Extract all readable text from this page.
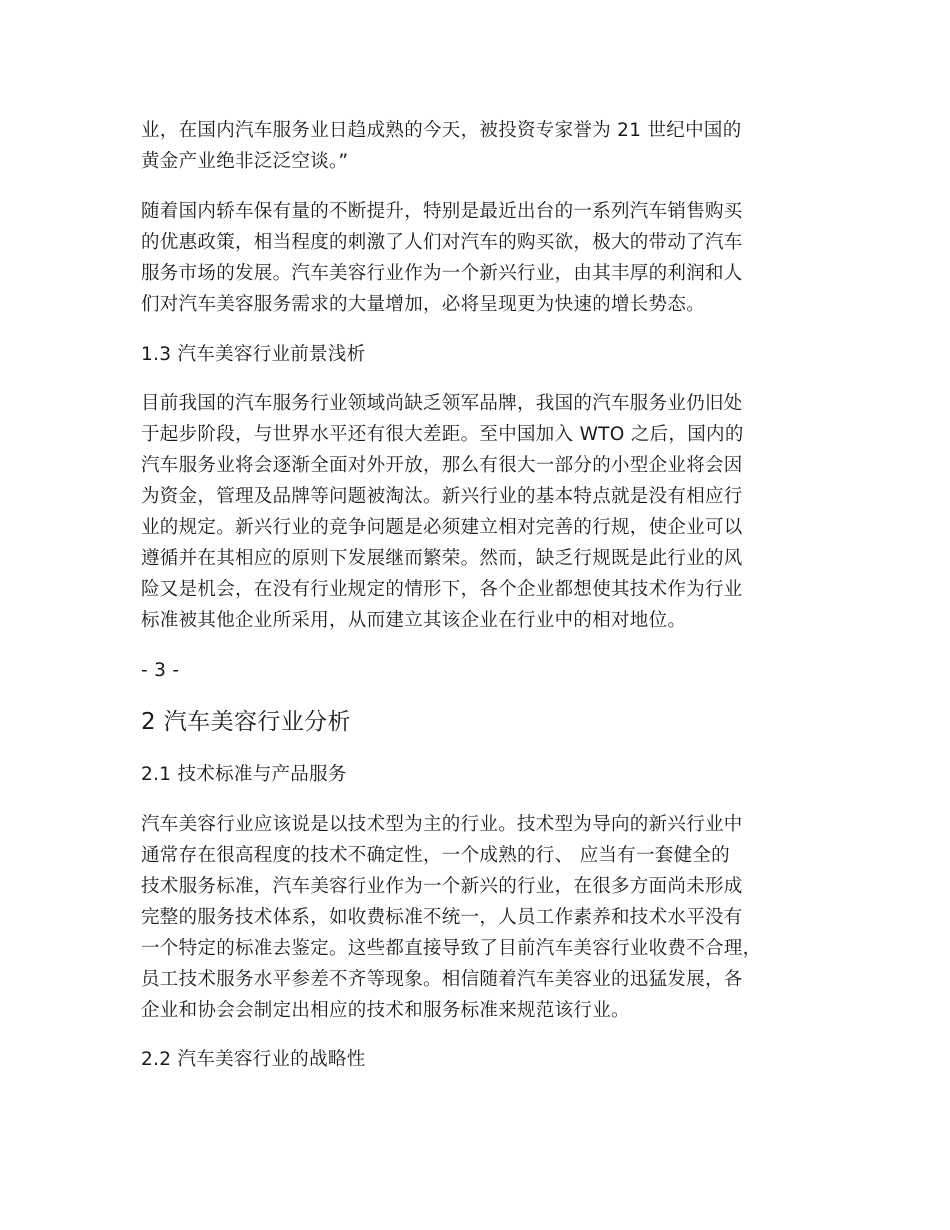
业，在国内汽车服务业日趋成熟的今天，被投资专家誉为 21 世纪中国的
黄金产业绝非泛泛空谈。”
随着国内轿车保有量的不断提升，特别是最近出台的一系列汽车销售购买
的优惠政策，相当程度的刺激了人们对汽车的购买欲，极大的带动了汽车
服务市场的发展。汽车美容行业作为一个新兴行业，由其丰厚的利润和人
们对汽车美容服务需求的大量增加，必将呈现更为快速的增长势态。
1.3 汽车美容行业前景浅析
目前我国的汽车服务行业领域尚缺乏领军品牌，我国的汽车服务业仍旧处
于起步阶段，与世界水平还有很大差距。至中国加入 WTO 之后，国内的
汽车服务业将会逐渐全面对外开放，那么有很大一部分的小型企业将会因
为资金，管理及品牌等问题被淘汰。新兴行业的基本特点就是没有相应行
业的规定。新兴行业的竞争问题是必须建立相对完善的行规，使企业可以
遵循并在其相应的原则下发展继而繁荣。然而，缺乏行规既是此行业的风
险又是机会，在没有行业规定的情形下，各个企业都想使其技术作为行业
标准被其他企业所采用，从而建立其该企业在行业中的相对地位。
- 3 -
2 汽车美容行业分析
2.1 技术标准与产品服务
汽车美容行业应该说是以技术型为主的行业。技术型为导向的新兴行业中
通常存在很高程度的技术不确定性，一个成熟的行、 应当有一套健全的
技术服务标准，汽车美容行业作为一个新兴的行业，在很多方面尚未形成
完整的服务技术体系，如收费标准不统一，人员工作素养和技术水平没有
一个特定的标准去鉴定。这些都直接导致了目前汽车美容行业收费不合理，
员工技术服务水平参差不齐等现象。相信随着汽车美容业的迅猛发展，各
企业和协会会制定出相应的技术和服务标准来规范该行业。
2.2 汽车美容行业的战略性
